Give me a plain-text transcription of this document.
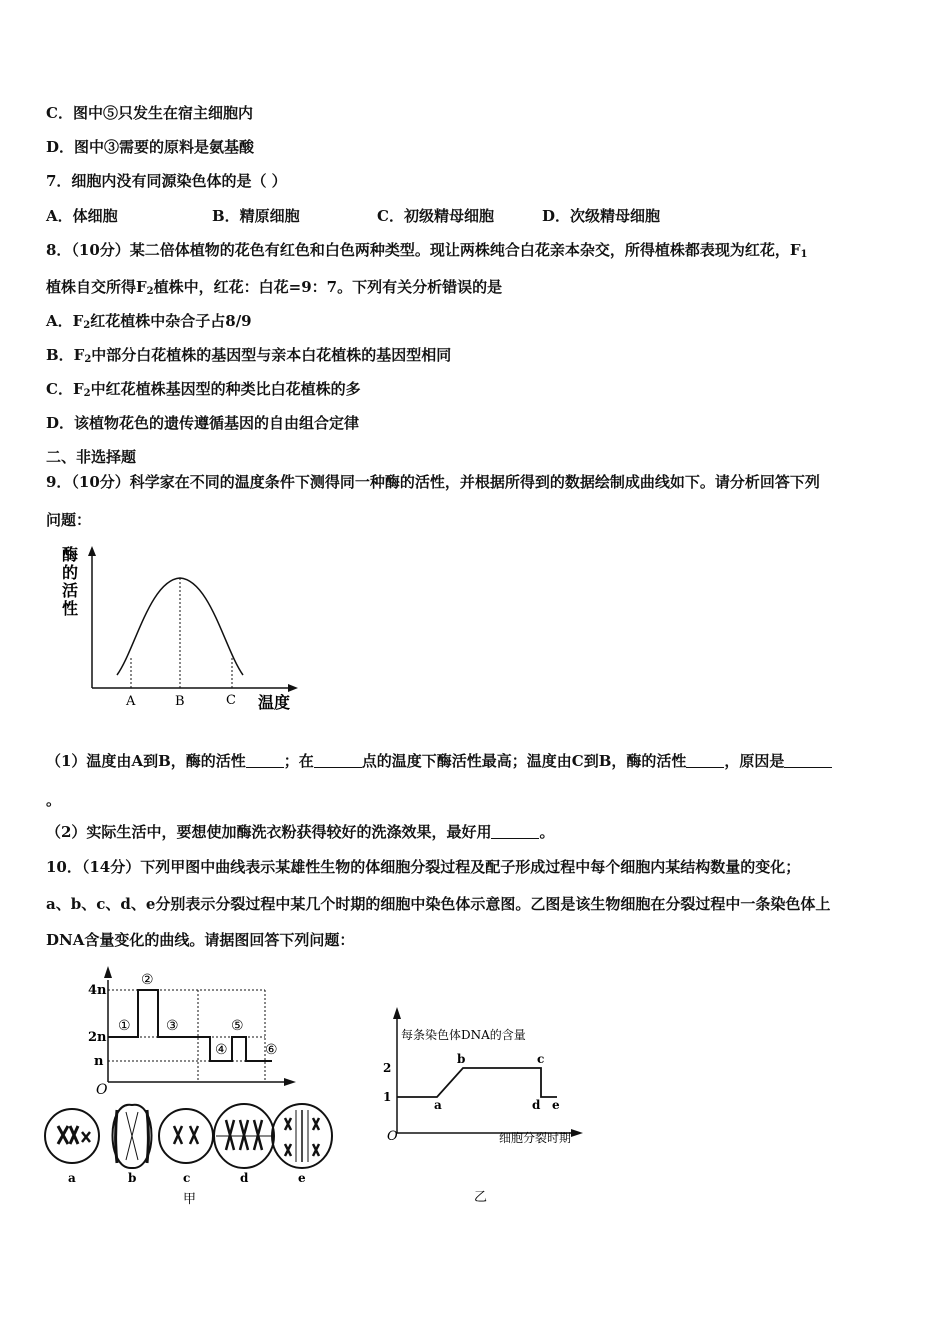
C．图中⑤只发生在宿主细胞内
D．图中③需要的原料是氨基酸
7．细胞内没有同源染色体的是（ ）
A．体细胞	B．精原细胞	C．初级精母细胞	D．次级精母细胞
8．（10分）某二倍体植物的花色有红色和白色两种类型。现让两株纯合白花亲本杂交，所得植株都表现为红花，$F_1$
植株自交所得$F_2$植株中，红花：白花=9：7。下列有关分析错误的是
A．$F_2$红花植株中杂合子占8/9
B．$F_2$中部分白花植株的基因型与亲本白花植株的基因型相同
C．$F_2$中红花植株基因型的种类比白花植株的多
D．该植物花色的遗传遵循基因的自由组合定律
二、非选择题
9．（10分）科学家在不同的温度条件下测得同一种酶的活性，并根据所得到的数据绘制成曲线如下。请分析回答下列
问题：
酶
的
活
性
A	B	C 温度
（1）温度由A到B，酶的活性	；在	点的温度下酶活性最高；温度由C到B，酶的活性	，原因是
。
（2）实际生活中，要想使加酶洗衣粉获得较好的洗涤效果，最好用	。
10．（14分）下列甲图中曲线表示某雄性生物的体细胞分裂过程及配子形成过程中每个细胞内某结构数量的变化；
a、b、c、d、e分别表示分裂过程中某几个时期的细胞中染色体示意图。乙图是该生物细胞在分裂过程中一条染色体上
DNA含量变化的曲线。请据图回答下列问题：
4n
2n
n
O
①
②
③
④
⑤
⑥
a	b	c	d	e
甲
每条染色体DNA的含量
2
1
O
a
b	c
d e
细胞分裂时期
乙
